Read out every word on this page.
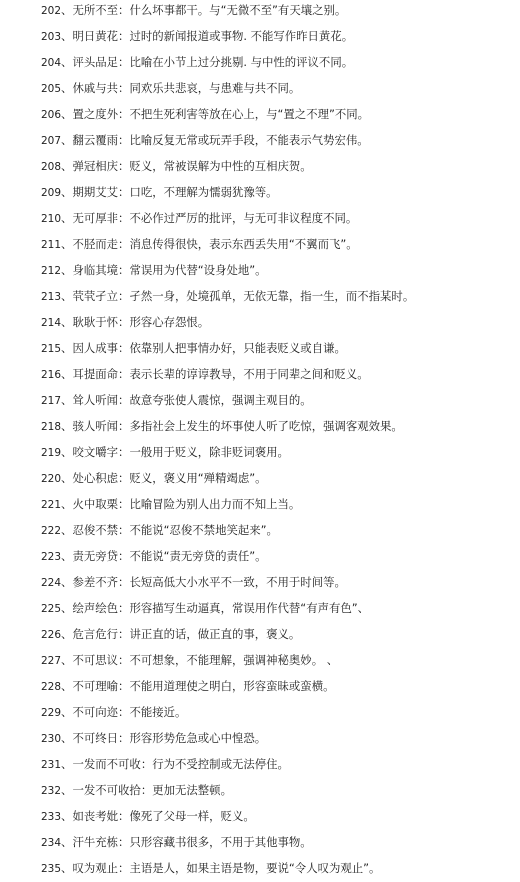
202、无所不至：什么坏事都干。与“无微不至”有天壤之别。
203、明日黄花：过时的新闻报道或事物. 不能写作昨日黄花。
204、评头品足：比喻在小节上过分挑剔. 与中性的评议不同。
205、休戚与共：同欢乐共悲哀，与患难与共不同。
206、置之度外：不把生死利害等放在心上，与“置之不理”不同。
207、翻云覆雨：比喻反复无常或玩弄手段，不能表示气势宏伟。
208、弹冠相庆：贬义，常被误解为中性的互相庆贺。
209、期期艾艾：口吃，不理解为懦弱犹豫等。
210、无可厚非：不必作过严厉的批评，与无可非议程度不同。
211、不胫而走：消息传得很快，表示东西丢失用“不翼而飞”。
212、身临其境：常误用为代替“设身处地”。
213、茕茕孑立：孑然一身，处境孤单，无依无靠，指一生，而不指某时。
214、耿耿于怀：形容心存怨恨。
215、因人成事：依靠别人把事情办好，只能表贬义或自谦。
216、耳提面命：表示长辈的谆谆教导，不用于同辈之间和贬义。
217、耸人听闻：故意夸张使人震惊，强调主观目的。
218、骇人听闻：多指社会上发生的坏事使人听了吃惊，强调客观效果。
219、咬文嚼字：一般用于贬义，除非贬词褒用。
220、处心积虑：贬义，褒义用“殚精竭虑”。
221、火中取栗：比喻冒险为别人出力而不知上当。
222、忍俊不禁：不能说“忍俊不禁地笑起来”。
223、责无旁贷：不能说“责无旁贷的责任”。
224、参差不齐：长短高低大小水平不一致，不用于时间等。
225、绘声绘色：形容描写生动逼真，常误用作代替“有声有色”、
226、危言危行：讲正直的话，做正直的事，褒义。
227、不可思议：不可想象，不能理解，强调神秘奥妙。 、
228、不可理喻：不能用道理使之明白，形容蛮昧或蛮横。
229、不可向迩：不能接近。
230、不可终日：形容形势危急或心中惶恐。
231、一发而不可收：行为不受控制或无法停住。
232、一发不可收拾：更加无法整顿。
233、如丧考妣：像死了父母一样，贬义。
234、汗牛充栋：只形容藏书很多，不用于其他事物。
235、叹为观止：主语是人，如果主语是物，要说“令人叹为观止”。
